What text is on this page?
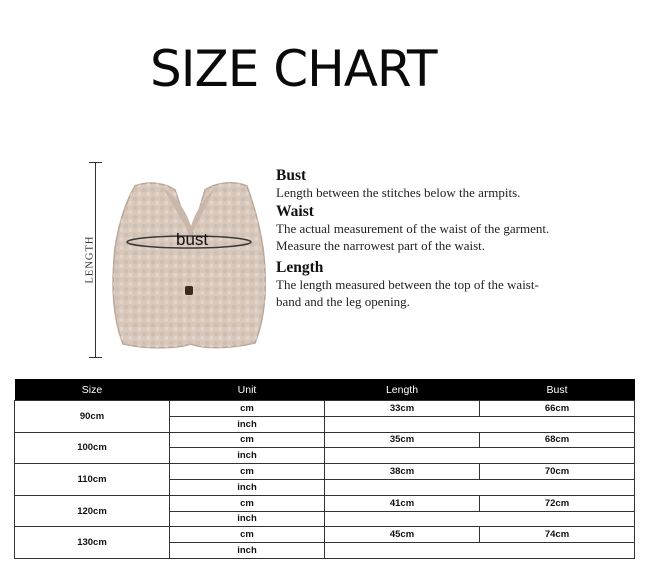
SIZE CHART
LENGTH	bust
Bust
Length between the stitches below the armpits.
Waist
The actual measurement of the waist of the garment.
Measure the narrowest part of the waist.
Length
The length measured between the top of the waist-
band and the leg opening.
Size	Unit	Length	Bust
90cm	cm	33cm	66cm
	inch		
100cm	cm	35cm	68cm
	inch		
110cm	cm	38cm	70cm
	inch		
120cm	cm	41cm	72cm
	inch		
130cm	cm	45cm	74cm
	inch		
